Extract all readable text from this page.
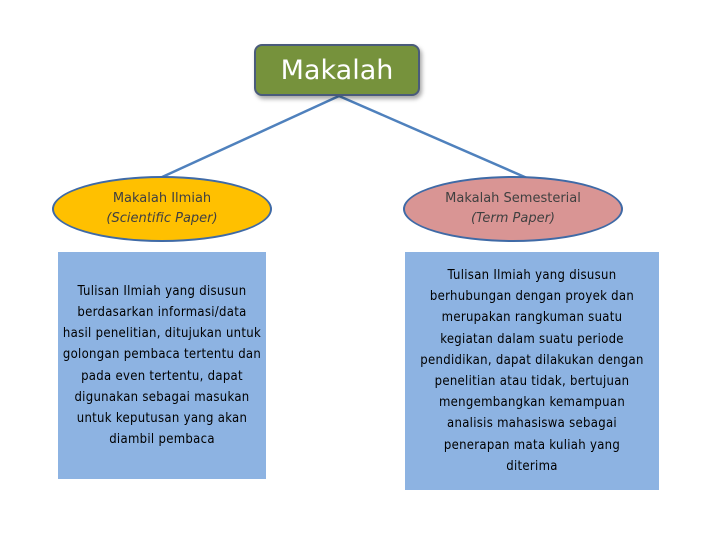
Makalah
Makalah Ilmiah
(Scientific Paper)
Makalah Semesterial
(Term Paper)
Tulisan Ilmiah yang disusun berdasarkan informasi/data hasil penelitian, ditujukan untuk golongan pembaca tertentu dan pada even tertentu, dapat digunakan sebagai masukan untuk keputusan yang akan diambil pembaca
Tulisan Ilmiah yang disusun berhubungan dengan proyek dan merupakan rangkuman suatu kegiatan dalam suatu periode pendidikan, dapat dilakukan dengan penelitian atau tidak, bertujuan mengembangkan kemampuan analisis mahasiswa sebagai penerapan mata kuliah yang diterima
